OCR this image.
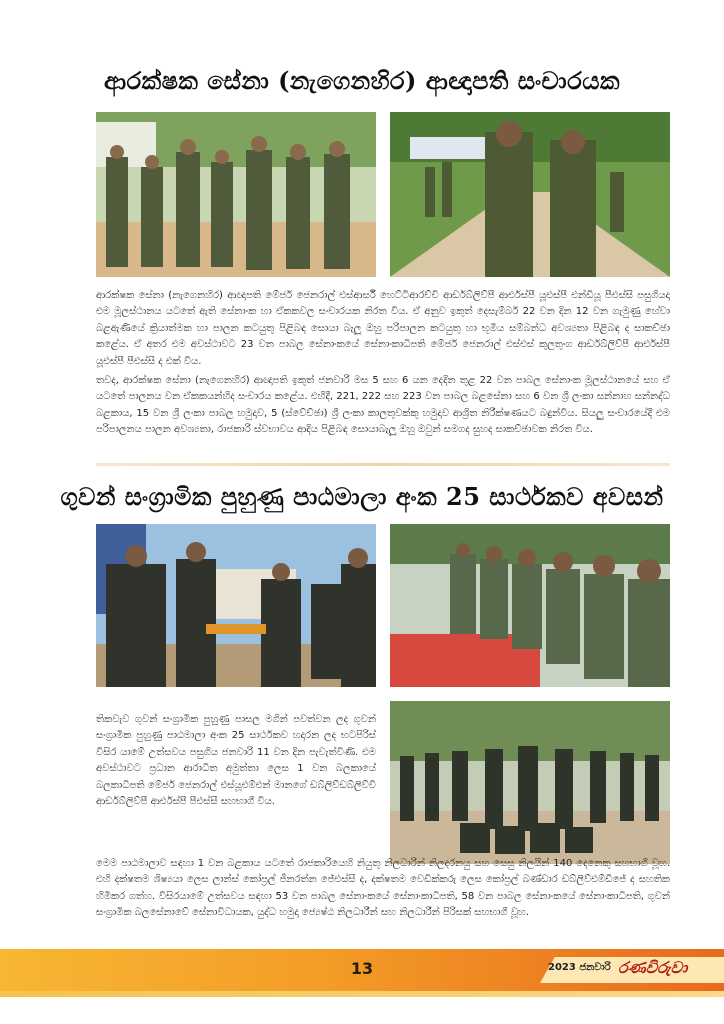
ආරක්ෂක සේනා (නැගෙනහිර) ආඥාපති සංචාරයක

ආරක්ෂක සේනා (නැගෙනහිර) ආඥාපති මේජර් ජෙනරාල් එස්ආර්සී හෙට්ටිආරච්චි ආර්ඩබ්ලිව්පී ආර්එස්පී යූඑස්පී එන්ඩියූ පීඑස්සී පසුගියදා එම මූලස්ථානය යටතේ ඇති සේනාංක හා ඒකකවල සංචාරයක නිරත විය. ඒ අනුව ඉකුත් දෙසැම්බර් 22 වන දින 12 වන ගැමුණු හේවා බළඇණියේ ක්‍රියාත්මක හා පාලන කටයුතු පිළිබඳ සොයා බැලූ ඔහු පරිපාලන කටයුතු හා භූමිය සම්බන්ධ අවශ්‍යතා පිළිබඳ ද සාකච්ඡා කළේය. ඒ අතර එම අවස්ථාවට 23 වන පාබල සේනාංකයේ සේනාංකාධිපති මේජර් ජෙනරාල් එස්එස් කුලතුංග ආර්ඩබ්ලිව්පී ආර්එස්පී යූඑස්පී පීඑස්සී ද එක් විය.

තවද, ආරක්ෂක සේනා (නැගෙනහිර) ආඥාපති ඉකුත් ජනවාරි මස 5 සහ 6 යන දෙදින තුළ 22 වන පාබල සේනාංක මූලස්ථානයේ සහ ඒ යටතේ පාලනය වන ඒකකයන්හිද සංචාරය කළේය. එහිදී, 221, 222 සහ 223 වන පාබල බළසේනා සහ 6 වන ශ්‍රී ලංකා සන්නාහ සන්නද්ධ බළකාය, 15 වන ශ්‍රී ලංකා පාබල හමුදාව, 5 (ස්වේච්ඡා) ශ්‍රී ලංකා කාලතුවක්කු හමුදාව ආශ්‍රිත නිරීක්ෂණයට බඳුන්විය. සියලු සංචාරයේදී එම පරිපාලනය පාලන අවශ්‍යතා, රාජකාරි ස්වභාවය ආදිය පිළිබඳ සොයාබැලූ ඔහු ඔවුන් සමගද සුහද සාකච්ඡාවක නිරත විය.

ගුවන් සංග්‍රාමික පුහුණු පාඨමාලා අංක 25 සාර්ථකව අවසන්

තිකවැව ගුවන් සංග්‍රාමික පුහුණු පාසල මගින් පවත්වන ලද ගුවන් සංග්‍රාමික පුහුණු පාඨමාලා අංක 25 සාර්ථකව හදාරන ලද භටපිරිස් විසිර යාමේ උත්සවය පසුගිය ජනවාරි 11 වන දින පැවැත්විණි. එම අවස්ථාවට ප්‍රධාන ආරාධිත අමුත්තා ලෙස 1 වන බලකායේ බලකාධිපති මේජර් ජෙනරාල් එස්යූඑම්එන් මානගේ ඩබ්ලිව්ඩබ්ලිව්වී ආර්ඩබ්ලිව්පී ආර්එස්පී පීඑස්සී සහභාගී විය.

මෙම පාඨමාලාව සඳහා 1 වන බළකාය යටතේ රාජකාරියෙහි නියුතු නිලධාරින් නිලදරනයු සහ සෙසු නිලයින් 140 දෙනෙකු සහභාගී වූහ. එහි දක්ෂතම ශිෂ්‍යයා ලෙස ලාන්ස් කෝප්‍රල් ජීනරත්න ජේඑස්සී ද, දක්ෂතම වෙඩික්කරු ලෙස කෝප්‍රල් බණ්ඩාර ඩබ්ලිව්එම්ඩීජේ ද සහතික හිමිකර ගත්හ. විසිරයාමේ උත්සවය සඳහා 53 වන පාබල සේනාංකයේ සේනාංකාධිපති, 58 වන පාබල සේනාංකයේ සේනාංකාධිපති, ගුවන් සංග්‍රාමික බලසේනාවේ සේනාවිධායක, යුද්ධ හමුදා ජ්‍යෙෂ්ඨ නිලධාරීන් සහ නිලධාරීන් පිරිසක් සහභාගී වූහ.

13	2023 ජනවාරි රණවිරුවා
